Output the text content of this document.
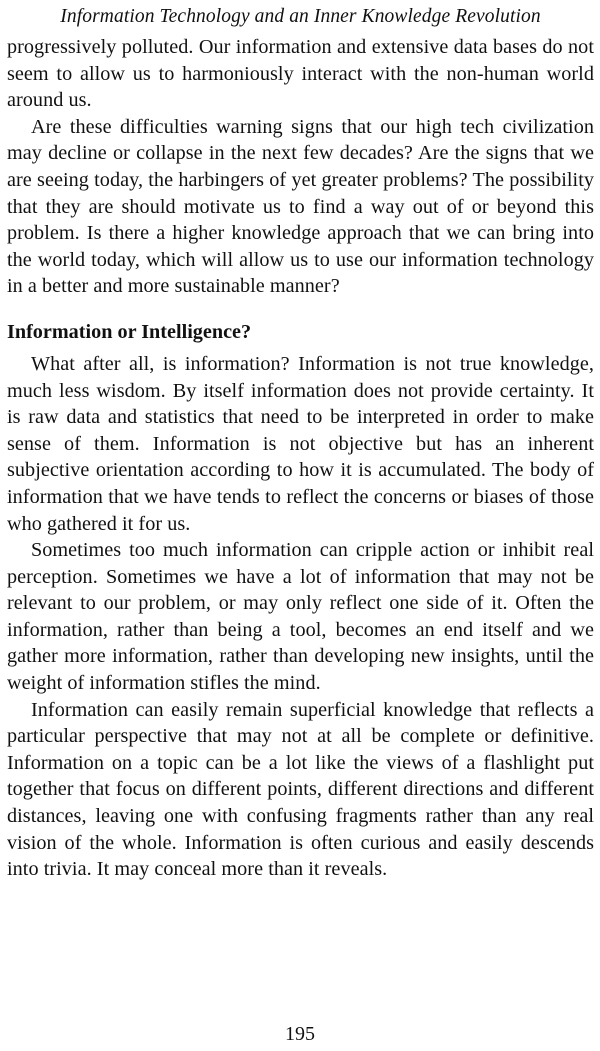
Information Technology and an Inner Knowledge Revolution

progressively polluted. Our information and extensive data bases do not seem to allow us to harmoniously interact with the non-human world around us.

Are these difficulties warning signs that our high tech civilization may decline or collapse in the next few decades? Are the signs that we are seeing today, the harbingers of yet greater problems? The possibility that they are should motivate us to find a way out of or beyond this problem. Is there a higher knowledge approach that we can bring into the world today, which will allow us to use our information technology in a better and more sustainable manner?

Information or Intelligence?

What after all, is information? Information is not true knowledge, much less wisdom. By itself information does not provide certainty. It is raw data and statistics that need to be interpreted in order to make sense of them. Information is not objective but has an inherent subjective orientation according to how it is accumulated. The body of information that we have tends to reflect the concerns or biases of those who gathered it for us.

Sometimes too much information can cripple action or inhibit real perception. Sometimes we have a lot of information that may not be relevant to our problem, or may only reflect one side of it. Often the information, rather than being a tool, becomes an end itself and we gather more information, rather than developing new insights, until the weight of information stifles the mind.

Information can easily remain superficial knowledge that reflects a particular perspective that may not at all be complete or definitive. Information on a topic can be a lot like the views of a flashlight put together that focus on different points, different directions and different distances, leaving one with confusing fragments rather than any real vision of the whole. Information is often curious and easily descends into trivia. It may conceal more than it reveals.

195
